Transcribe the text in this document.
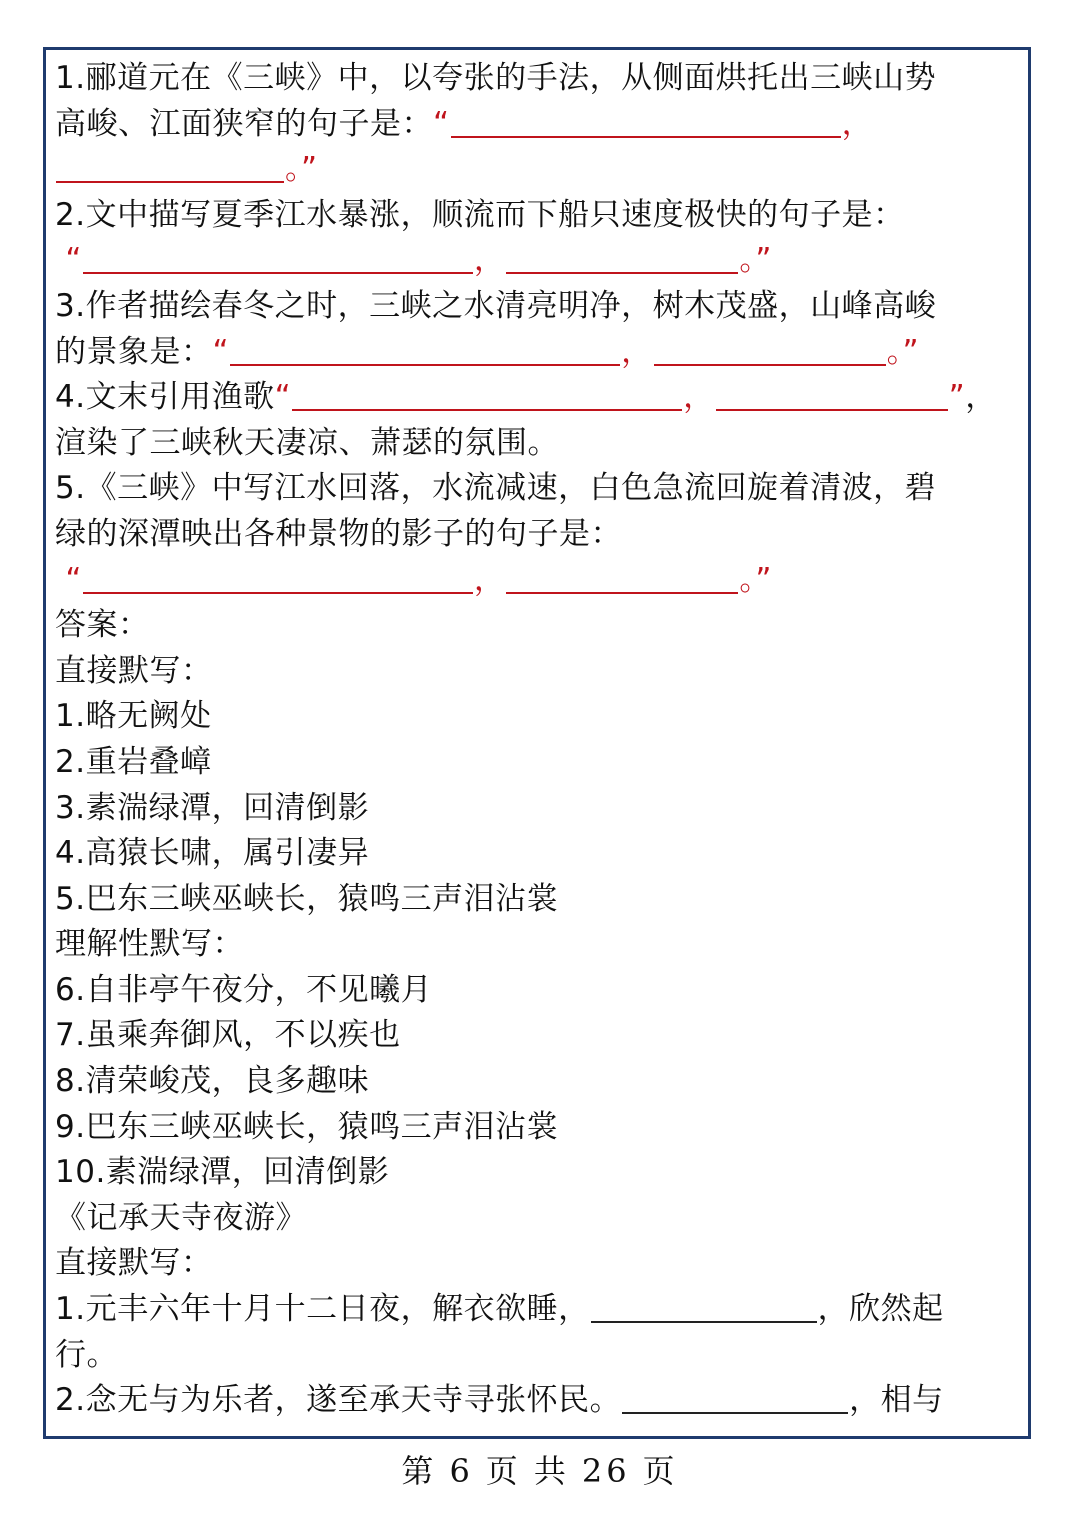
1.郦道元在《三峡》中，以夸张的手法，从侧面烘托出三峡山势
高峻、江面狭窄的句子是：“	，
。”
2.文中描写夏季江水暴涨，顺流而下船只速度极快的句子是：
“	，	。”
3.作者描绘春冬之时，三峡之水清亮明净，树木茂盛，山峰高峻
的景象是：“	，	。”
4.文末引用渔歌“	，	”，
渲染了三峡秋天凄凉、萧瑟的氛围。
5.《三峡》中写江水回落，水流减速，白色急流回旋着清波，碧
绿的深潭映出各种景物的影子的句子是：
“	，	。”
答案：
直接默写：
1.略无阙处
2.重岩叠嶂
3.素湍绿潭，回清倒影
4.高猿长啸，属引凄异
5.巴东三峡巫峡长，猿鸣三声泪沾裳
理解性默写：
6.自非亭午夜分，不见曦月
7.虽乘奔御风，不以疾也
8.清荣峻茂，良多趣味
9.巴东三峡巫峡长，猿鸣三声泪沾裳
10.素湍绿潭，回清倒影
《记承天寺夜游》
直接默写：
1.元丰六年十月十二日夜，解衣欲睡，	，欣然起
行。
2.念无与为乐者，遂至承天寺寻张怀民。	，相与
第 6 页 共 26 页
